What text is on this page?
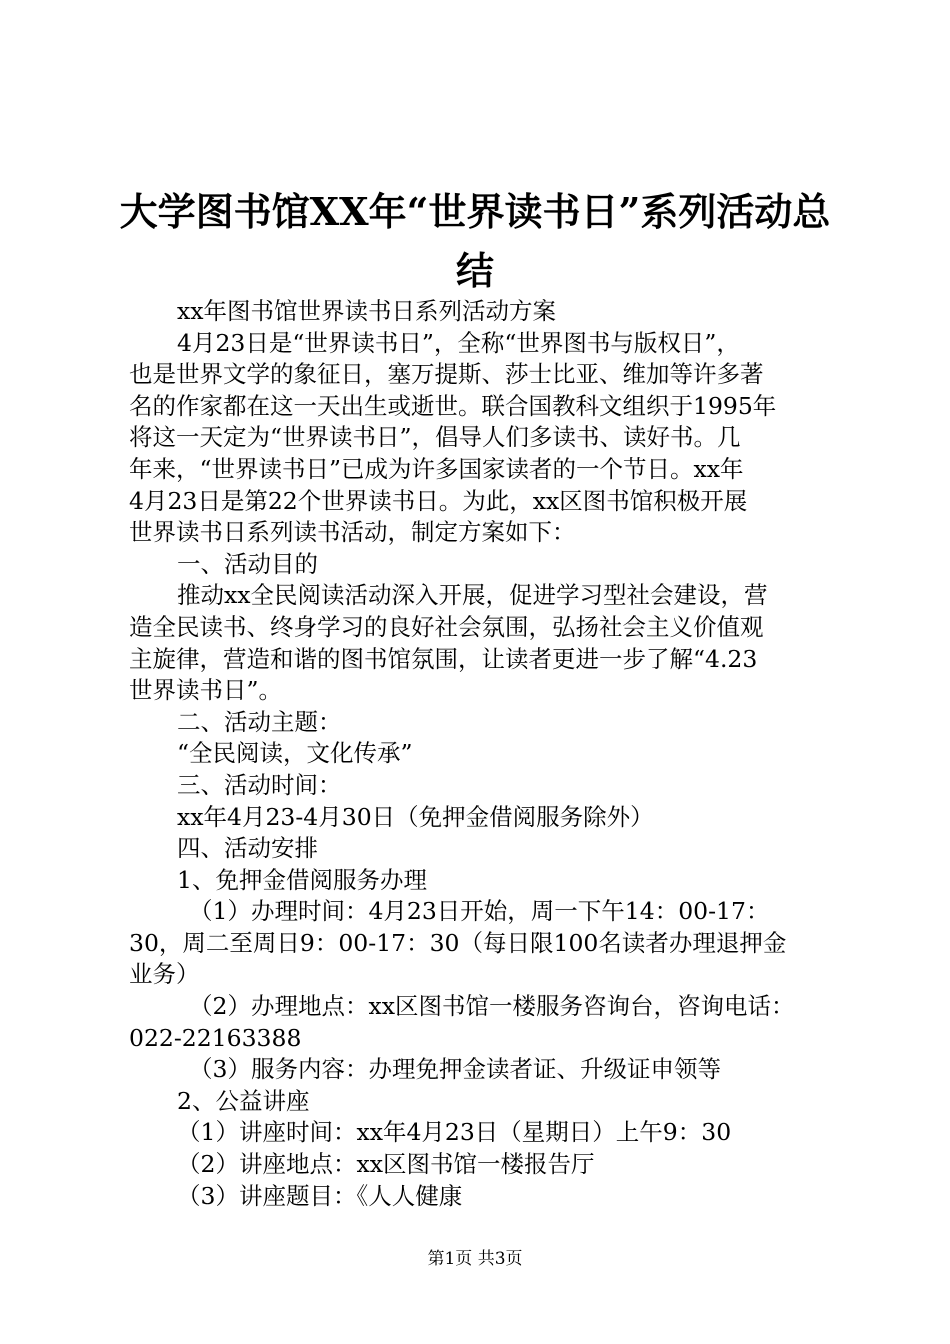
大学图书馆XX年“世界读书日”系列活动总
结

xx年图书馆世界读书日系列活动方案

4月23日是“世界读书日”，全称“世界图书与版权日”，

也是世界文学的象征日，塞万提斯、莎士比亚、维加等许多著

名的作家都在这一天出生或逝世。联合国教科文组织于1995年

将这一天定为“世界读书日”，倡导人们多读书、读好书。几

年来，“世界读书日”已成为许多国家读者的一个节日。xx年

4月23日是第22个世界读书日。为此，xx区图书馆积极开展

世界读书日系列读书活动，制定方案如下：

一、活动目的

推动xx全民阅读活动深入开展，促进学习型社会建设，营

造全民读书、终身学习的良好社会氛围，弘扬社会主义价值观

主旋律，营造和谐的图书馆氛围，让读者更进一步了解“4.23

世界读书日”。

二、活动主题：

“全民阅读，文化传承”

三、活动时间：

xx年4月23-4月30日（免押金借阅服务除外）

四、活动安排

1、免押金借阅服务办理

（1）办理时间：4月23日开始，周一下午14：00-17：

30，周二至周日9：00-17：30（每日限100名读者办理退押金

业务）

（2）办理地点：xx区图书馆一楼服务咨询台，咨询电话：

022-22163388

（3）服务内容：办理免押金读者证、升级证申领等

2、公益讲座

（1）讲座时间：xx年4月23日（星期日）上午9：30

（2）讲座地点：xx区图书馆一楼报告厅

（3）讲座题目：《人人健康

第1页 共3页
